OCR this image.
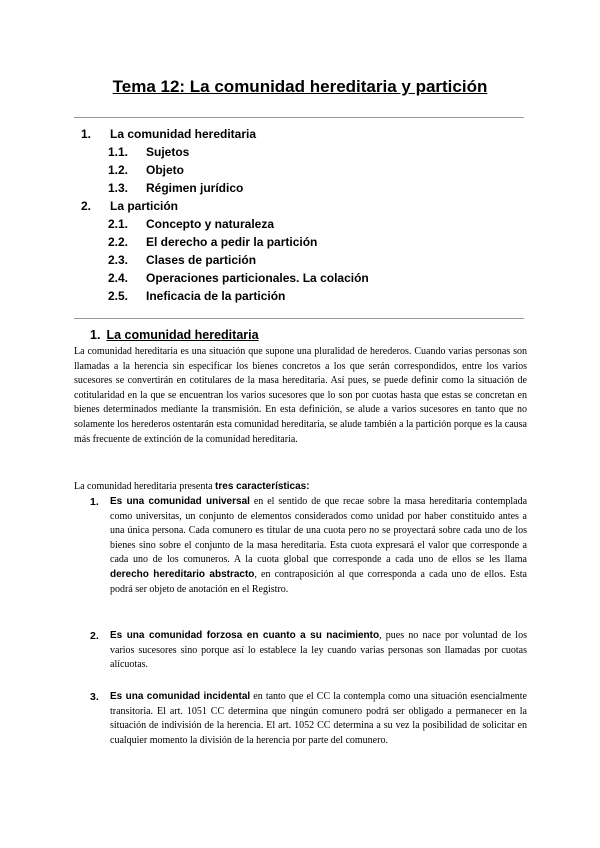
Tema 12: La comunidad hereditaria y partición
1. La comunidad hereditaria
1.1. Sujetos
1.2. Objeto
1.3. Régimen jurídico
2. La partición
2.1. Concepto y naturaleza
2.2. El derecho a pedir la partición
2.3. Clases de partición
2.4. Operaciones particionales. La colación
2.5. Ineficacia de la partición
1. La comunidad hereditaria

La comunidad hereditaria es una situación que supone una pluralidad de herederos. Cuando varias personas son llamadas a la herencia sin especificar los bienes concretos a los que serán correspondidos, entre los varios sucesores se convertirán en cotitulares de la masa hereditaria. Así pues, se puede definir como la situación de cotitularidad en la que se encuentran los varios sucesores que lo son por cuotas hasta que estas se concretan en bienes determinados mediante la transmisión. En esta definición, se alude a varios sucesores en tanto que no solamente los herederos ostentarán esta comunidad hereditaria, se alude también a la partición porque es la causa más frecuente de extinción de la comunidad hereditaria.

La comunidad hereditaria presenta tres características:

1. Es una comunidad universal en el sentido de que recae sobre la masa hereditaria contemplada como universitas, un conjunto de elementos considerados como unidad por haber constituido antes a una única persona. Cada comunero es titular de una cuota pero no se proyectará sobre cada uno de los bienes sino sobre el conjunto de la masa hereditaria. Esta cuota expresará el valor que corresponde a cada uno de los comuneros. A la cuota global que corresponde a cada uno de ellos se les llama derecho hereditario abstracto, en contraposición al que corresponda a cada uno de ellos. Esta podrá ser objeto de anotación en el Registro.

2. Es una comunidad forzosa en cuanto a su nacimiento, pues no nace por voluntad de los varios sucesores sino porque así lo establece la ley cuando varias personas son llamadas por cuotas alícuotas.

3. Es una comunidad incidental en tanto que el CC la contempla como una situación esencialmente transitoria. El art. 1051 CC determina que ningún comunero podrá ser obligado a permanecer en la situación de indivisión de la herencia. El art. 1052 CC determina a su vez la posibilidad de solicitar en cualquier momento la división de la herencia por parte del comunero.
